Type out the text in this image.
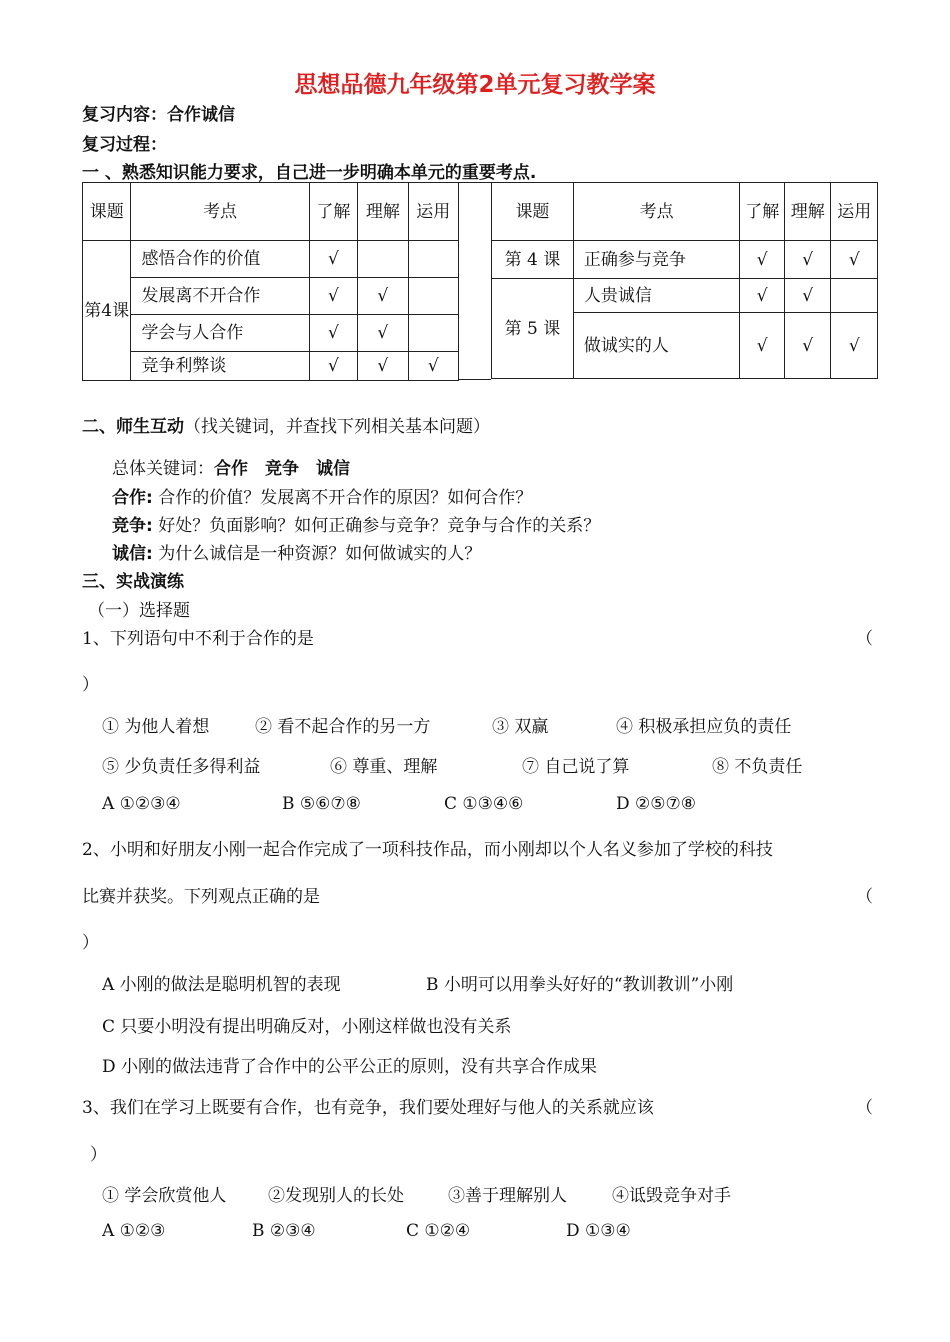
思想品德九年级第2单元复习教学案
复习内容：合作诚信
复习过程：
一 、熟悉知识能力要求，自己进一步明确本单元的重要考点.
课题	考点	了解	理解	运用
第4课	感悟合作的价值	√		
	发展离不开合作	√	√	
	学会与人合作	√	√	
	竞争利弊谈	√	√	√
课题	考点	了解	理解	运用
第 4 课	正确参与竞争	√	√	√
第 5 课	人贵诚信	√	√	
	做诚实的人	√	√	√
二、师生互动（找关键词，并查找下列相关基本问题）
总体关键词：合作　竞争　诚信
合作: 合作的价值？发展离不开合作的原因？如何合作？
竞争: 好处？负面影响？如何正确参与竞争？竞争与合作的关系？
诚信: 为什么诚信是一种资源？如何做诚实的人？
三、实战演练
（一）选择题
1、下列语句中不利于合作的是	（
）
① 为他人着想	② 看不起合作的另一方	③ 双赢	④ 积极承担应负的责任
⑤ 少负责任多得利益	⑥ 尊重、理解	⑦ 自己说了算	⑧ 不负责任
A ①②③④	B ⑤⑥⑦⑧	C ①③④⑥	D ②⑤⑦⑧
2、小明和好朋友小刚一起合作完成了一项科技作品，而小刚却以个人名义参加了学校的科技
比赛并获奖。下列观点正确的是	（
）
A 小刚的做法是聪明机智的表现	B 小明可以用拳头好好的“教训教训”小刚
C 只要小明没有提出明确反对，小刚这样做也没有关系
D 小刚的做法违背了合作中的公平公正的原则，没有共享合作成果
3、我们在学习上既要有合作，也有竞争，我们要处理好与他人的关系就应该	（
）
① 学会欣赏他人 ②发现别人的长处	③善于理解别人	④诋毁竞争对手
A ①②③	B ②③④	C ①②④	D ①③④
